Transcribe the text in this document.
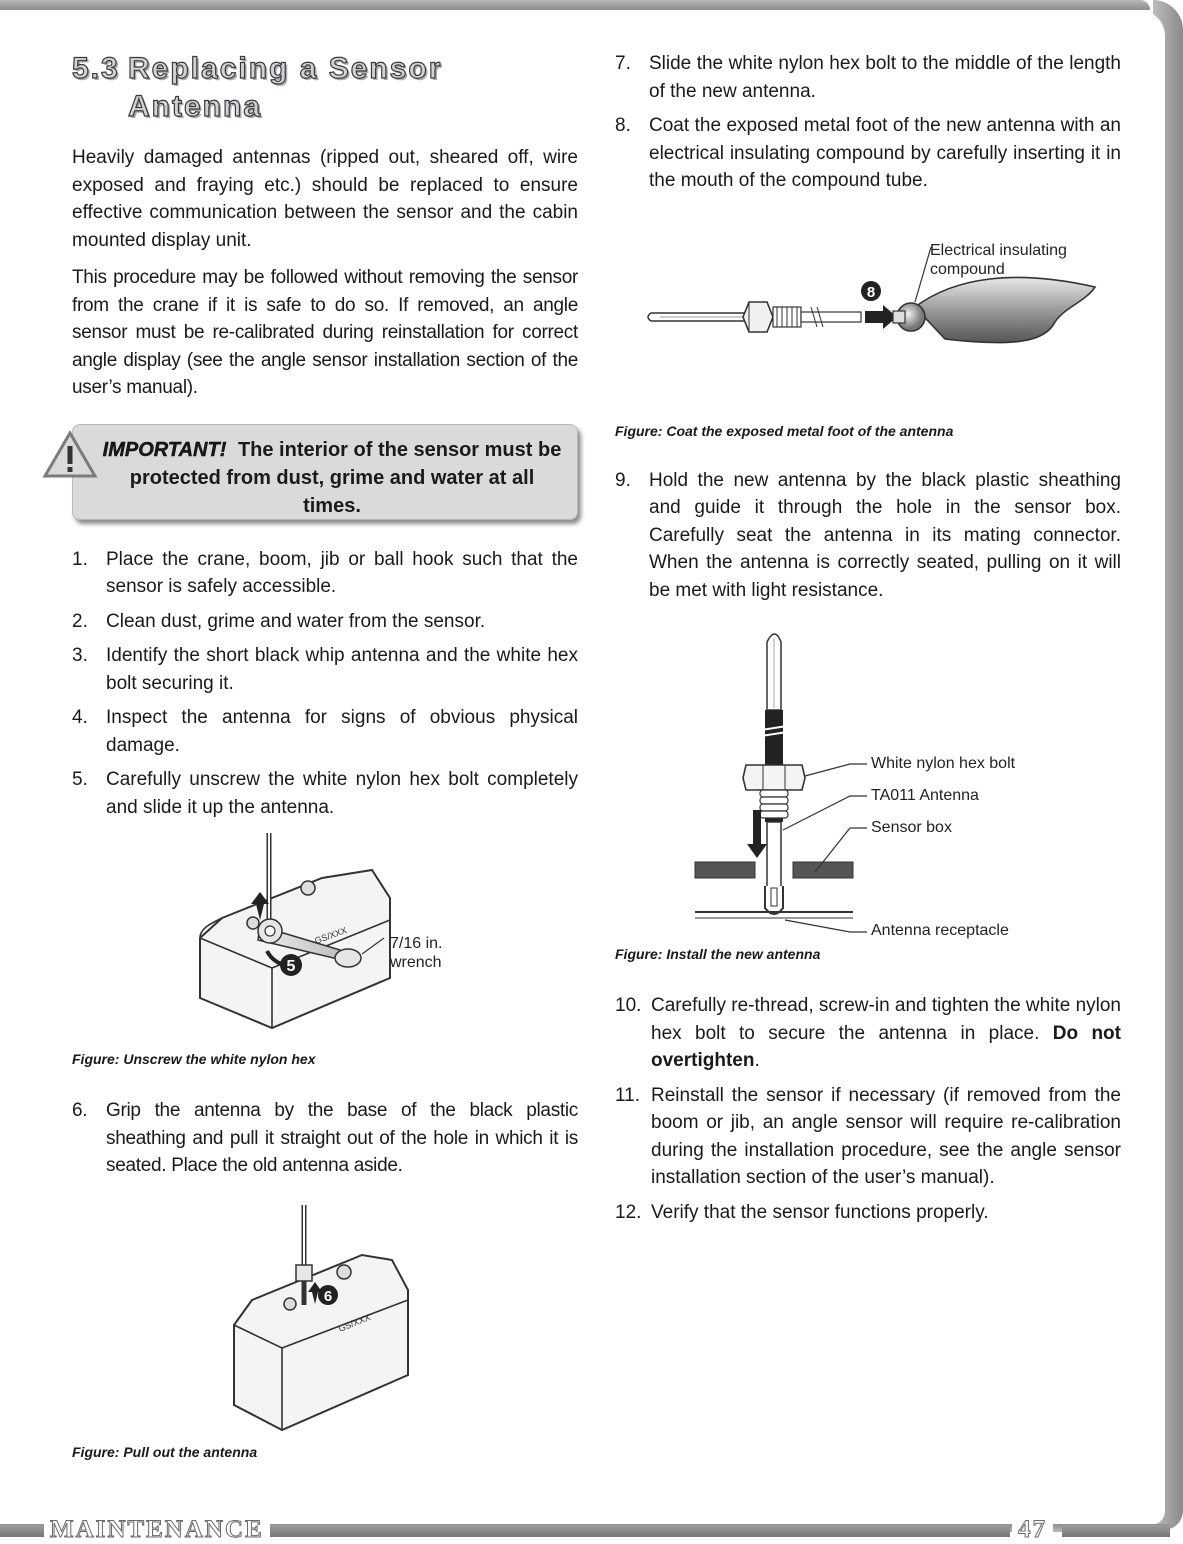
5.3 Replacing a Sensor
Antenna

Heavily damaged antennas (ripped out, sheared off, wire exposed and fraying etc.) should be replaced to ensure effective communication between the sensor and the cabin mounted display unit.

This procedure may be followed without removing the sensor from the crane if it is safe to do so. If removed, an angle sensor must be re-calibrated during reinstallation for correct angle display (see the angle sensor installation section of the user’s manual).

IMPORTANT! The interior of the sensor must be protected from dust, grime and water at all times.
1. Place the crane, boom, jib or ball hook such that the sensor is safely accessible.
2. Clean dust, grime and water from the sensor.
3. Identify the short black whip antenna and the white hex bolt securing it.
4. Inspect the antenna for signs of obvious physical damage.
5. Carefully unscrew the white nylon hex bolt completely and slide it up the antenna.
GS/XXX
5
7/16 in.
wrench

Figure: Unscrew the white nylon hex

6. Grip the antenna by the base of the black plastic sheathing and pull it straight out of the hole in which it is seated. Place the old antenna aside.
GS/XXX
6

Figure: Pull out the antenna

7. Slide the white nylon hex bolt to the middle of the length of the new antenna.
8. Coat the exposed metal foot of the new antenna with an electrical insulating compound by carefully inserting it in the mouth of the compound tube.
8
Electrical insulating
compound

Figure: Coat the exposed metal foot of the antenna

9. Hold the new antenna by the black plastic sheathing and guide it through the hole in the sensor box. Carefully seat the antenna in its mating connector. When the antenna is correctly seated, pulling on it will be met with light resistance.
White nylon hex bolt
TA011 Antenna
Sensor box
Antenna receptacle

Figure: Install the new antenna

10. Carefully re-thread, screw-in and tighten the white nylon hex bolt to secure the antenna in place. Do not overtighten.
11. Reinstall the sensor if necessary (if removed from the boom or jib, an angle sensor will require re-calibration during the installation procedure, see the angle sensor installation section of the user’s manual).
12. Verify that the sensor functions properly.
MAINTENANCE	47
